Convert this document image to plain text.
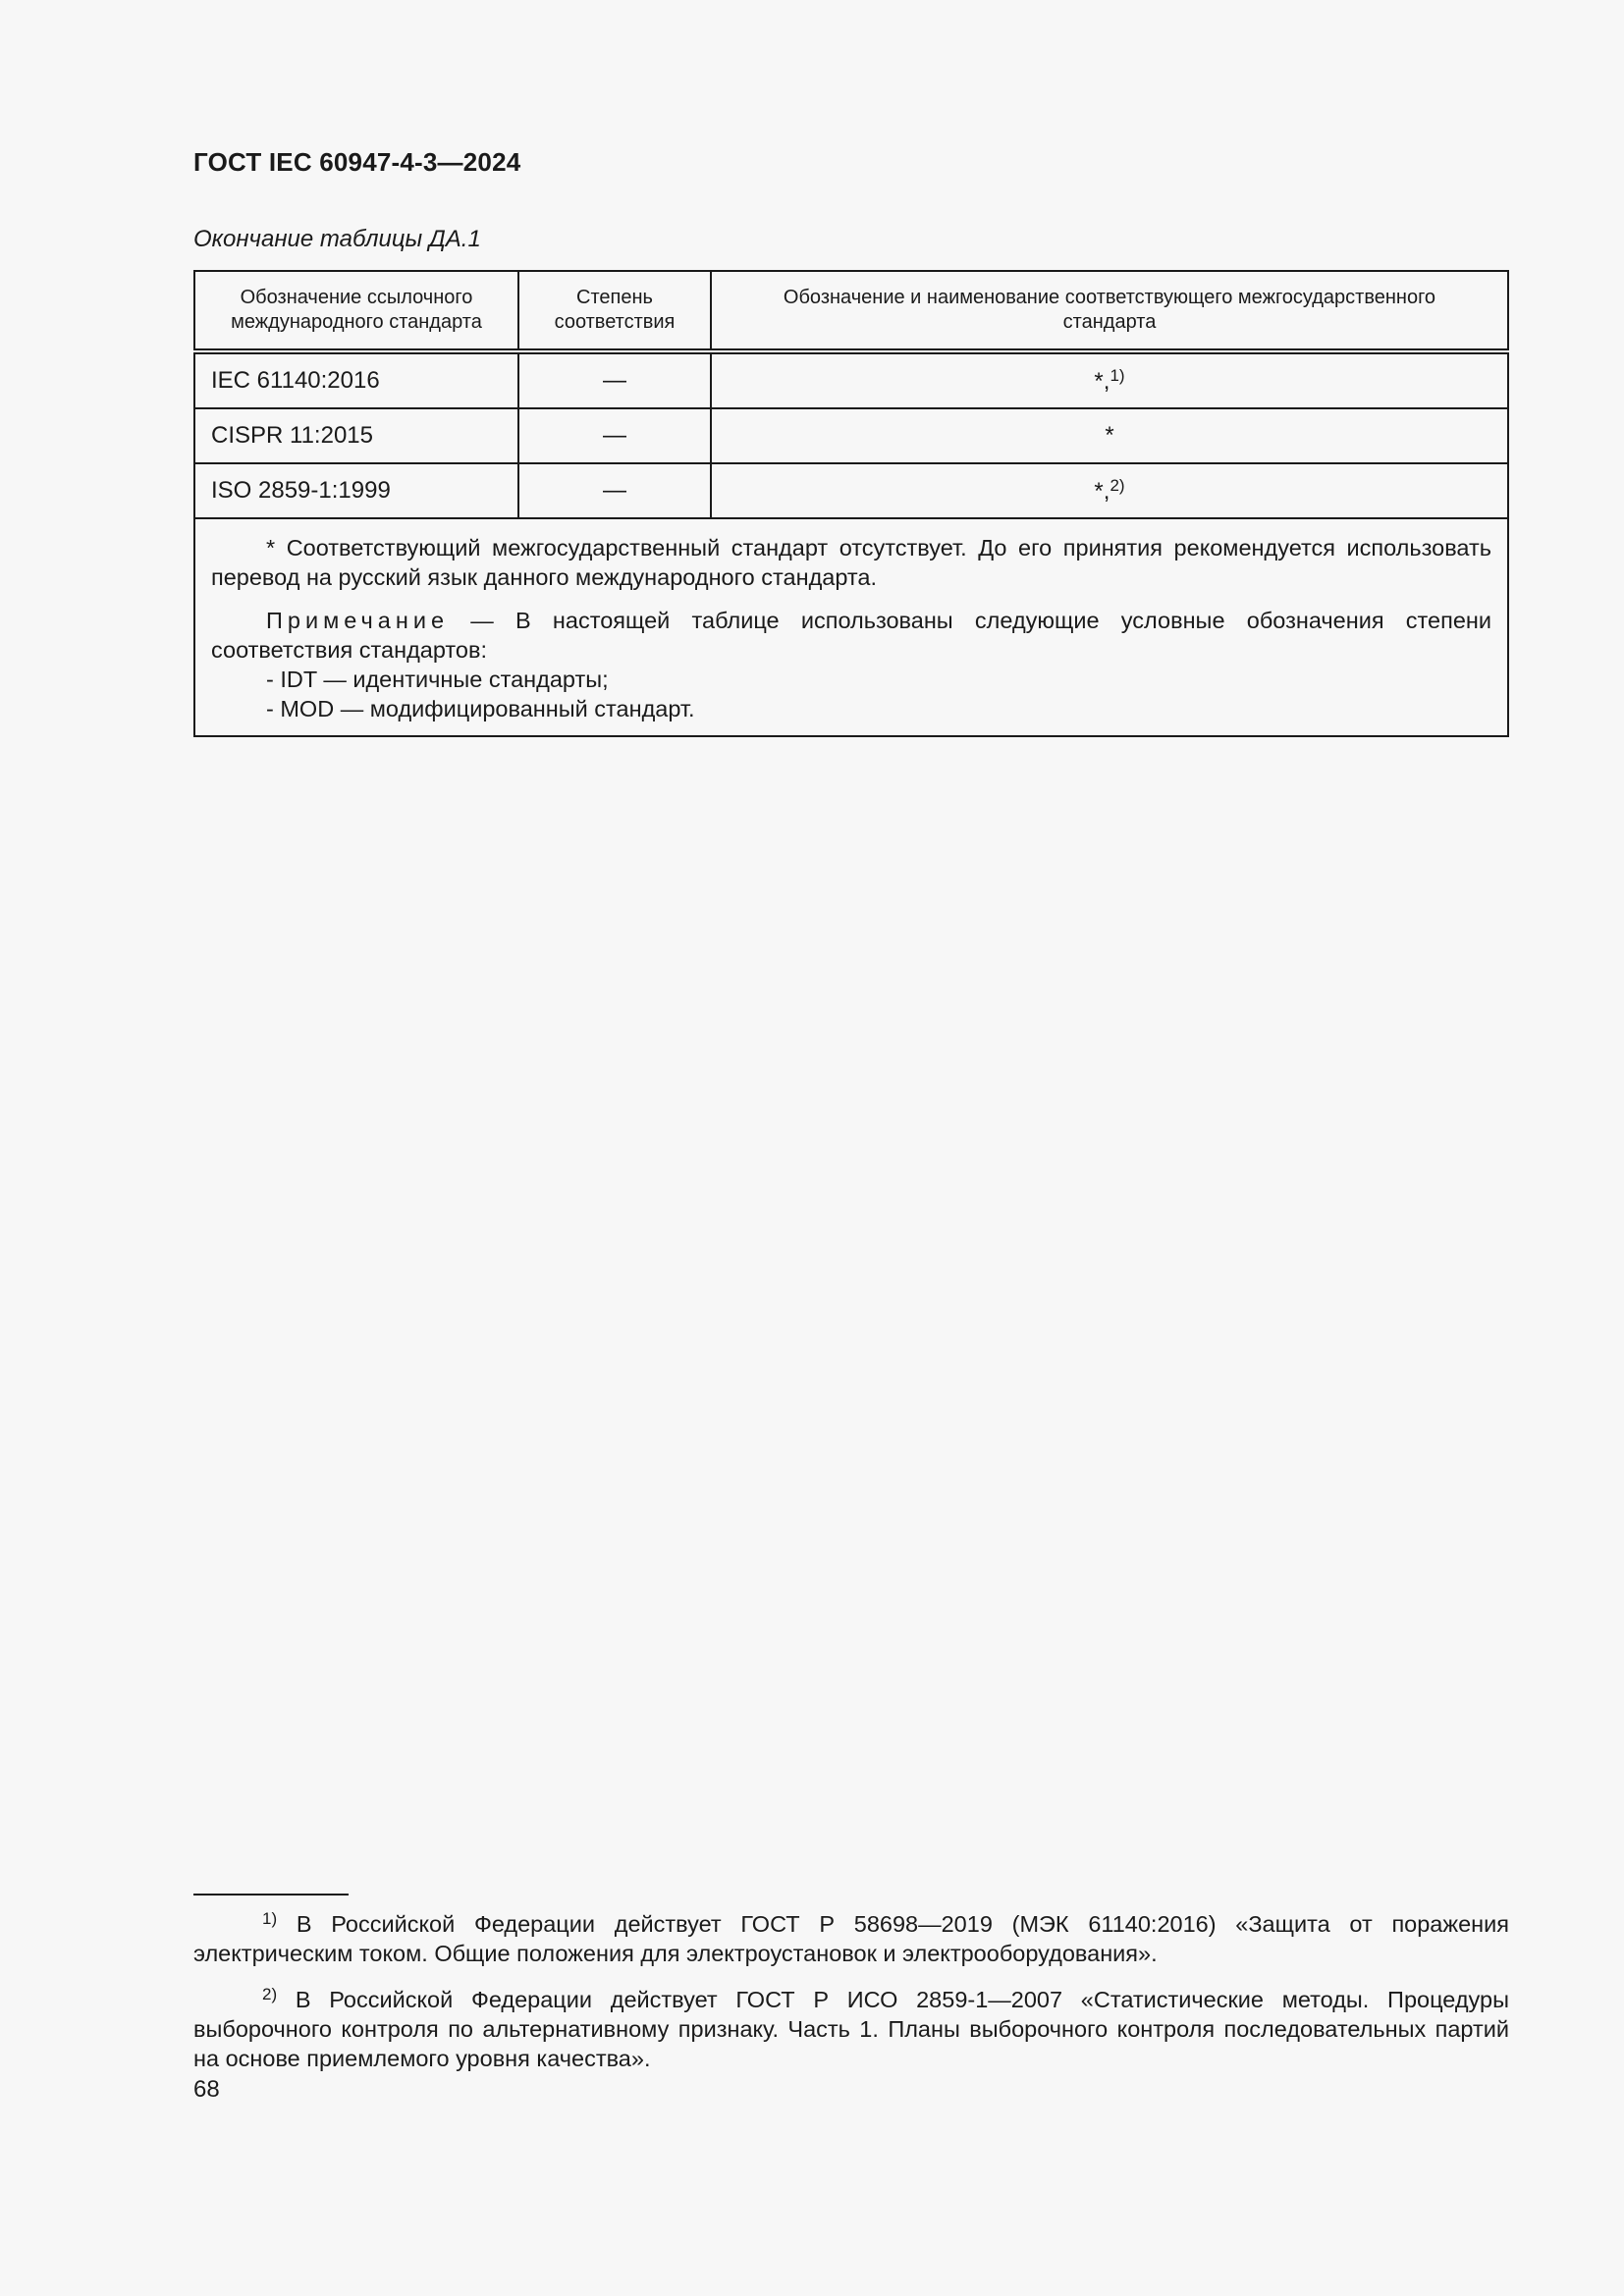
ГОСТ IEC 60947-4-3—2024
Окончание таблицы ДА.1
Обозначение ссылочного международного стандарта	Степень соответствия	Обозначение и наименование соответствующего межгосударственного стандарта
IEC 61140:2016	—	*,$^{1)}$
CISPR 11:2015	—	*
ISO 2859-1:1999	—	*,$^{2)}$

* Соответствующий межгосударственный стандарт отсутствует. До его принятия рекомендуется использовать перевод на русский язык данного международного стандарта.

Примечание — В настоящей таблице использованы следующие условные обозначения степени соответствия стандартов:

- IDT — идентичные стандарты;

- MOD — модифицированный стандарт.		

$^{1)}$ В Российской Федерации действует ГОСТ Р 58698—2019 (МЭК 61140:2016) «Защита от поражения электрическим током. Общие положения для электроустановок и электрооборудования».

$^{2)}$ В Российской Федерации действует ГОСТ Р ИСО 2859-1—2007 «Статистические методы. Процедуры выборочного контроля по альтернативному признаку. Часть 1. Планы выборочного контроля последовательных партий на основе приемлемого уровня качества».

68
